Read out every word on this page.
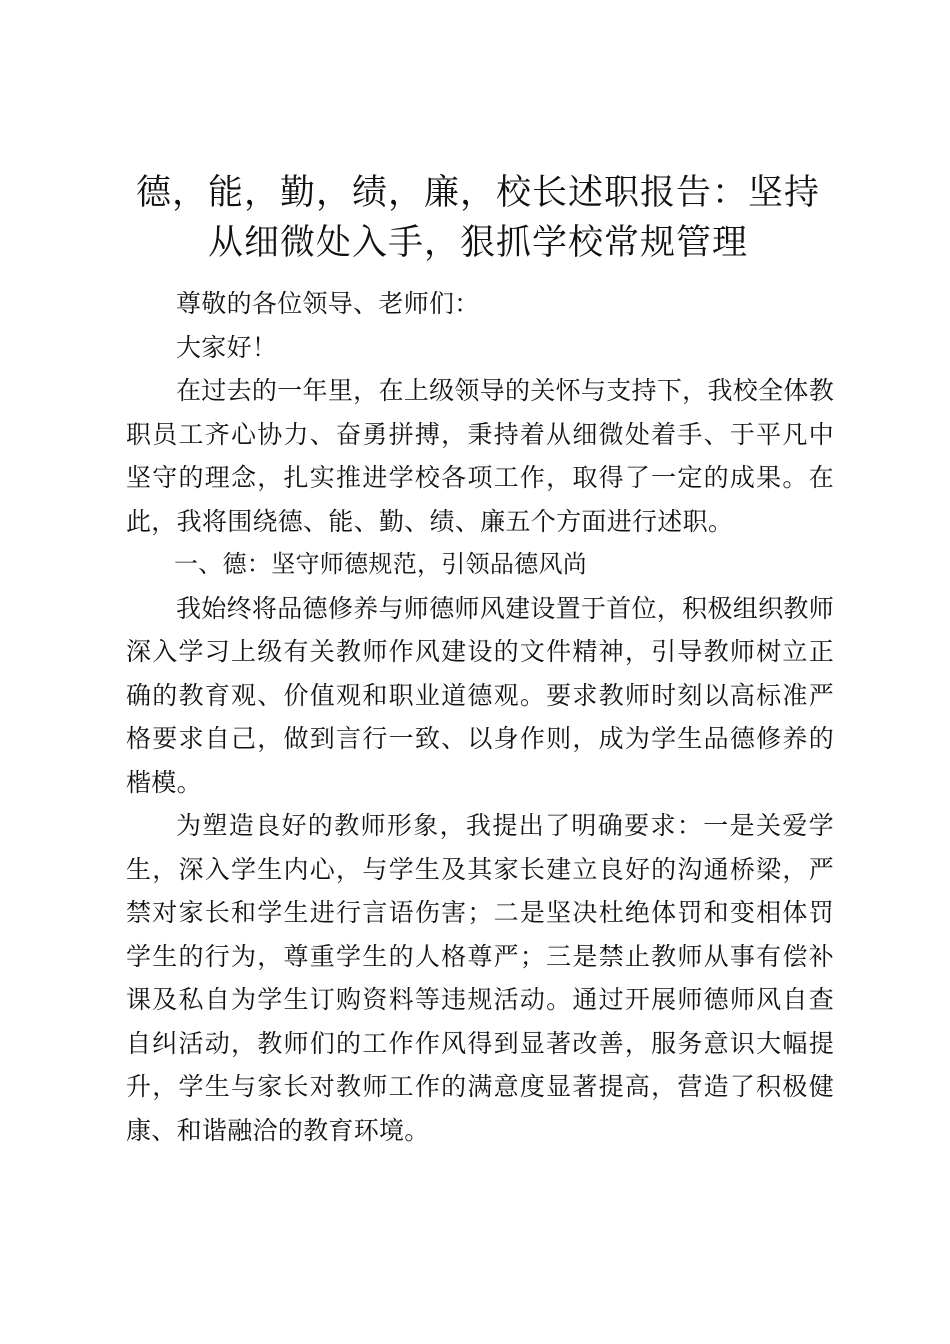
德，能，勤，绩，廉，校长述职报告：坚持从细微处入手，狠抓学校常规管理

尊敬的各位领导、老师们：

大家好！

在过去的一年里，在上级领导的关怀与支持下，我校全体教职员工齐心协力、奋勇拼搏，秉持着从细微处着手、于平凡中坚守的理念，扎实推进学校各项工作，取得了一定的成果。在此，我将围绕德、能、勤、绩、廉五个方面进行述职。

一、德：坚守师德规范，引领品德风尚

我始终将品德修养与师德师风建设置于首位，积极组织教师深入学习上级有关教师作风建设的文件精神，引导教师树立正确的教育观、价值观和职业道德观。要求教师时刻以高标准严格要求自己，做到言行一致、以身作则，成为学生品德修养的楷模。

为塑造良好的教师形象，我提出了明确要求：一是关爱学生，深入学生内心，与学生及其家长建立良好的沟通桥梁，严禁对家长和学生进行言语伤害；二是坚决杜绝体罚和变相体罚学生的行为，尊重学生的人格尊严；三是禁止教师从事有偿补课及私自为学生订购资料等违规活动。通过开展师德师风自查自纠活动，教师们的工作作风得到显著改善，服务意识大幅提升，学生与家长对教师工作的满意度显著提高，营造了积极健康、和谐融洽的教育环境。
